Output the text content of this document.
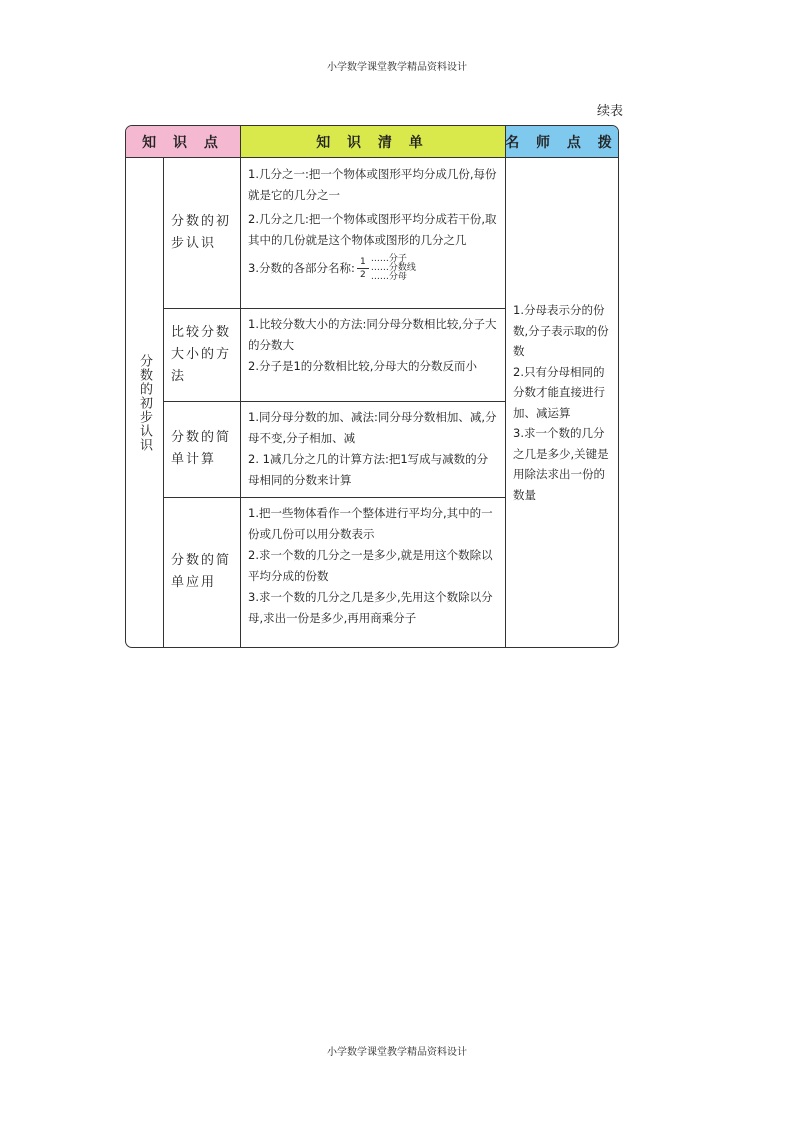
小学数学课堂教学精品资料设计
续表
知 识 点	知 识 清 单	名 师 点 拨
分数的初步认识
分数的初步认识

1.几分之一:把一个物体或图形平均分成几份,每份就是它的几分之一

2.几分之几:把一个物体或图形平均分成若干份,取其中的几份就是这个物体或图形的几分之几

3.分数的各部分名称: $\frac{1}{2}$ ……分子
……分数线
……分母

比较分数大小的方法

1.比较分数大小的方法:同分母分数相比较,分子大的分数大

2.分子是1的分数相比较,分母大的分数反而小

分数的简单计算

1.同分母分数的加、减法:同分母分数相加、减,分母不变,分子相加、减

2. 1减几分之几的计算方法:把1写成与减数的分母相同的分数来计算

分数的简单应用

1.把一些物体看作一个整体进行平均分,其中的一份或几份可以用分数表示

2.求一个数的几分之一是多少,就是用这个数除以平均分成的份数

3.求一个数的几分之几是多少,先用这个数除以分母,求出一份是多少,再用商乘分子

1.分母表示分的份数,分子表示取的份数

2.只有分母相同的分数才能直接进行加、减运算

3.求一个数的几分之几是多少,关键是用除法求出一份的数量

小学数学课堂教学精品资料设计
